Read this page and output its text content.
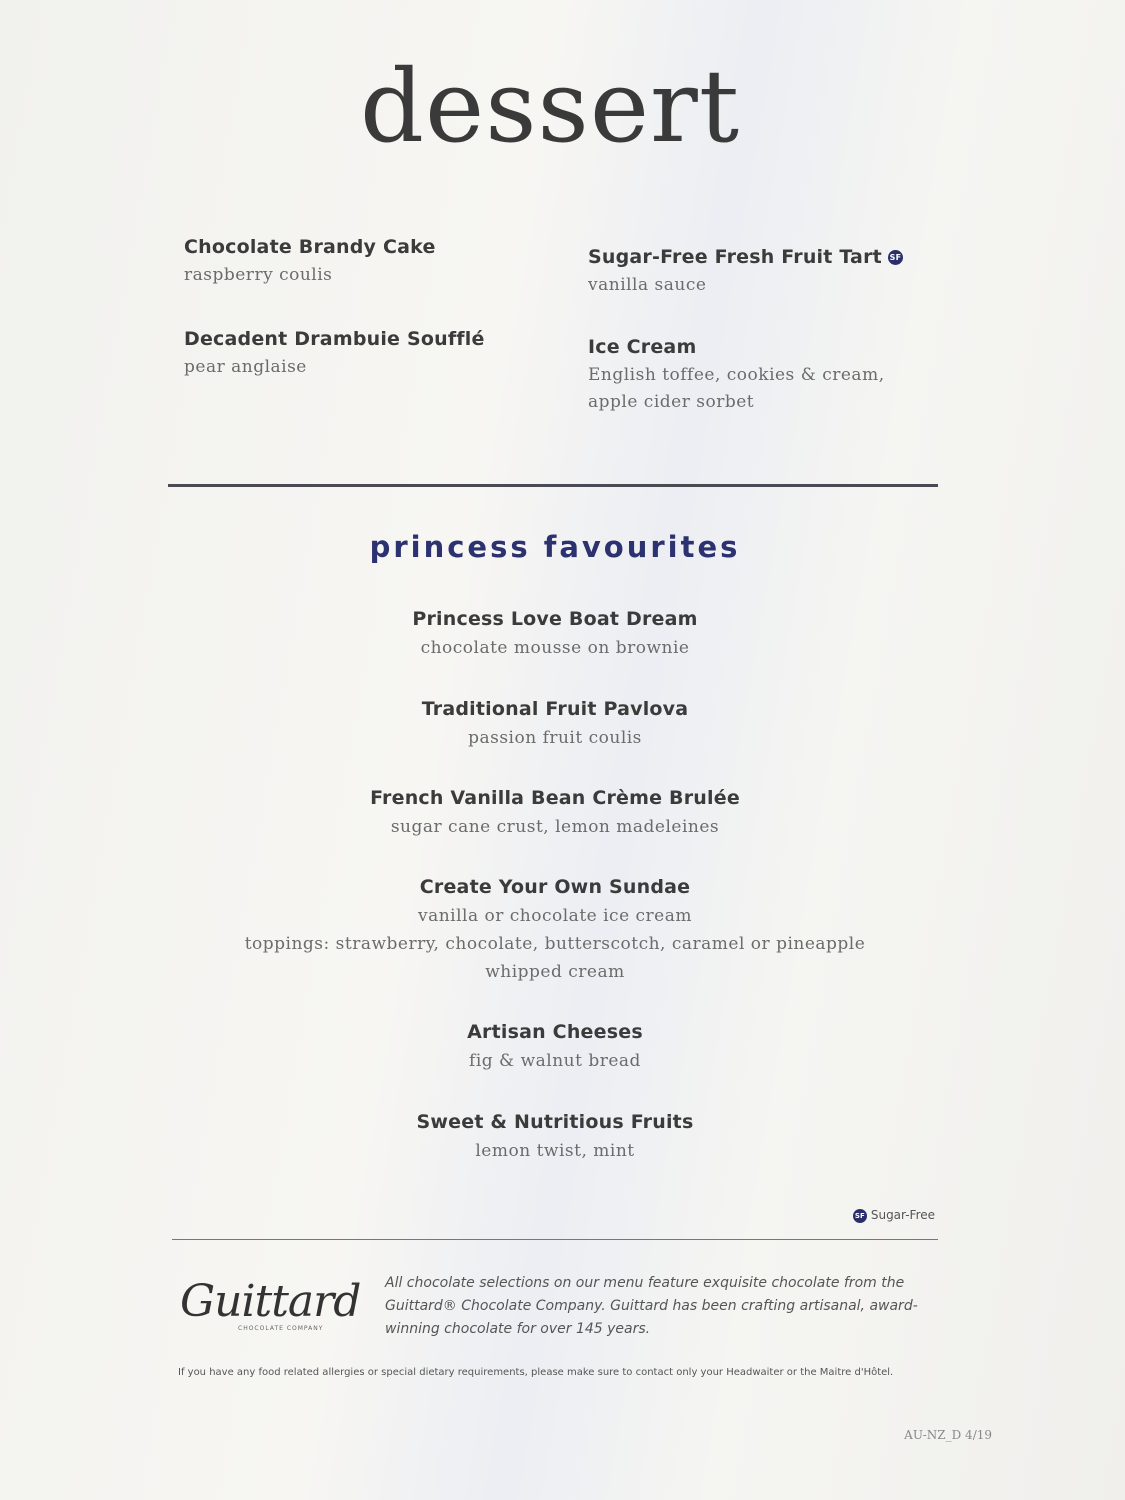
dessert
Chocolate Brandy Cake
raspberry coulis
Decadent Drambuie Soufflé
pear anglaise
Sugar-Free Fresh Fruit Tart SF
vanilla sauce
Ice Cream
English toffee, cookies & cream, apple cider sorbet
princess favourites
Princess Love Boat Dream
chocolate mousse on brownie
Traditional Fruit Pavlova
passion fruit coulis
French Vanilla Bean Crème Brulée
sugar cane crust, lemon madeleines
Create Your Own Sundae
vanilla or chocolate ice cream
toppings: strawberry, chocolate, butterscotch, caramel or pineapple
whipped cream
Artisan Cheeses
fig & walnut bread
Sweet & Nutritious Fruits
lemon twist, mint
SF Sugar-Free
Guittard
CHOCOLATE COMPANY
All chocolate selections on our menu feature exquisite chocolate from the Guittard® Chocolate Company. Guittard has been crafting artisanal, award-winning chocolate for over 145 years.
If you have any food related allergies or special dietary requirements, please make sure to contact only your Headwaiter or the Maitre d'Hôtel.
AU-NZ_D 4/19
